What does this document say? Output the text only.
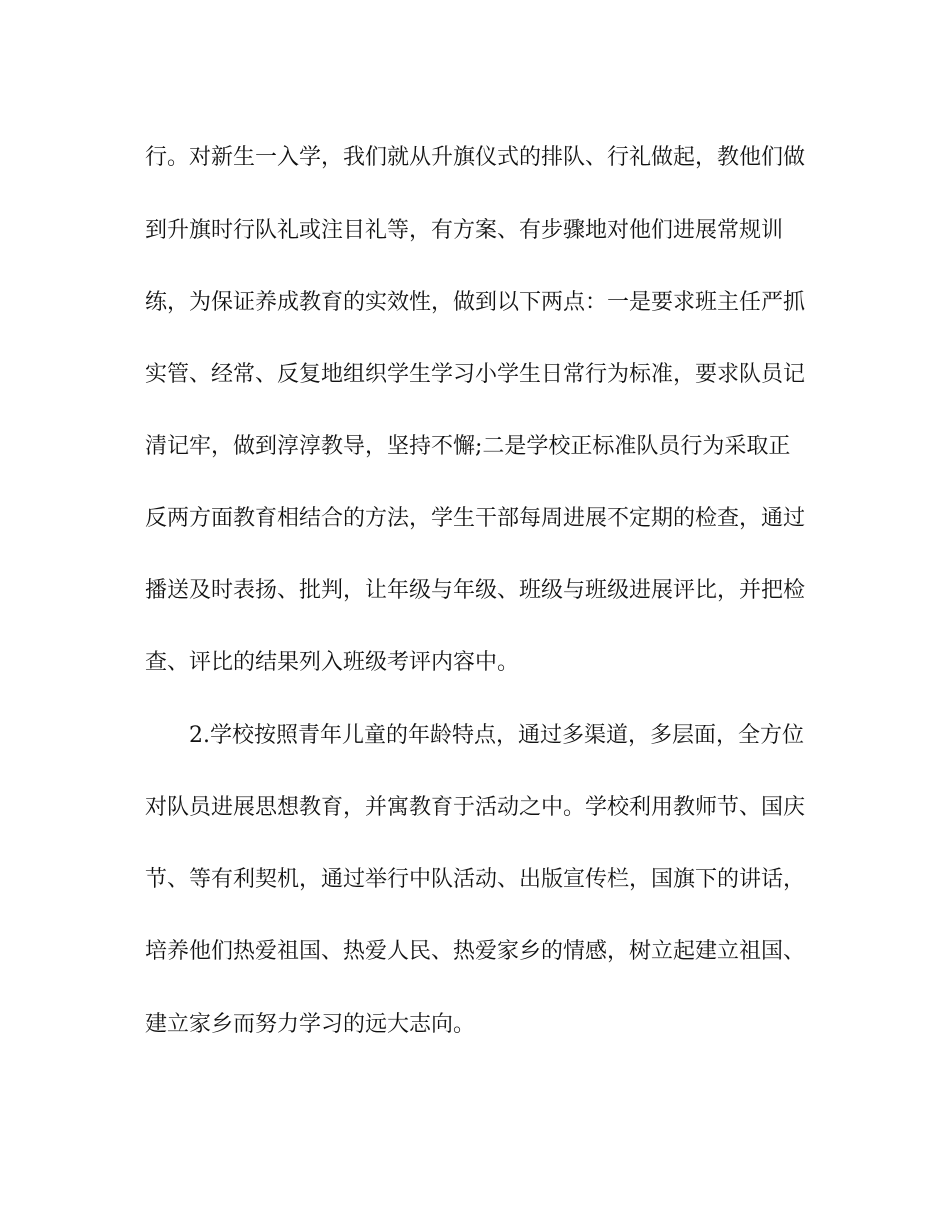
行。对新生一入学，我们就从升旗仪式的排队、行礼做起，教他们做
到升旗时行队礼或注目礼等，有方案、有步骤地对他们进展常规训
练，为保证养成教育的实效性，做到以下两点：一是要求班主任严抓
实管、经常、反复地组织学生学习小学生日常行为标准，要求队员记
清记牢，做到淳淳教导，坚持不懈;二是学校正标准队员行为采取正
反两方面教育相结合的方法，学生干部每周进展不定期的检查，通过
播送及时表扬、批判，让年级与年级、班级与班级进展评比，并把检
查、评比的结果列入班级考评内容中。
2.学校按照青年儿童的年龄特点，通过多渠道，多层面，全方位
对队员进展思想教育，并寓教育于活动之中。学校利用教师节、国庆
节、等有利契机，通过举行中队活动、出版宣传栏，国旗下的讲话，
培养他们热爱祖国、热爱人民、热爱家乡的情感，树立起建立祖国、
建立家乡而努力学习的远大志向。
